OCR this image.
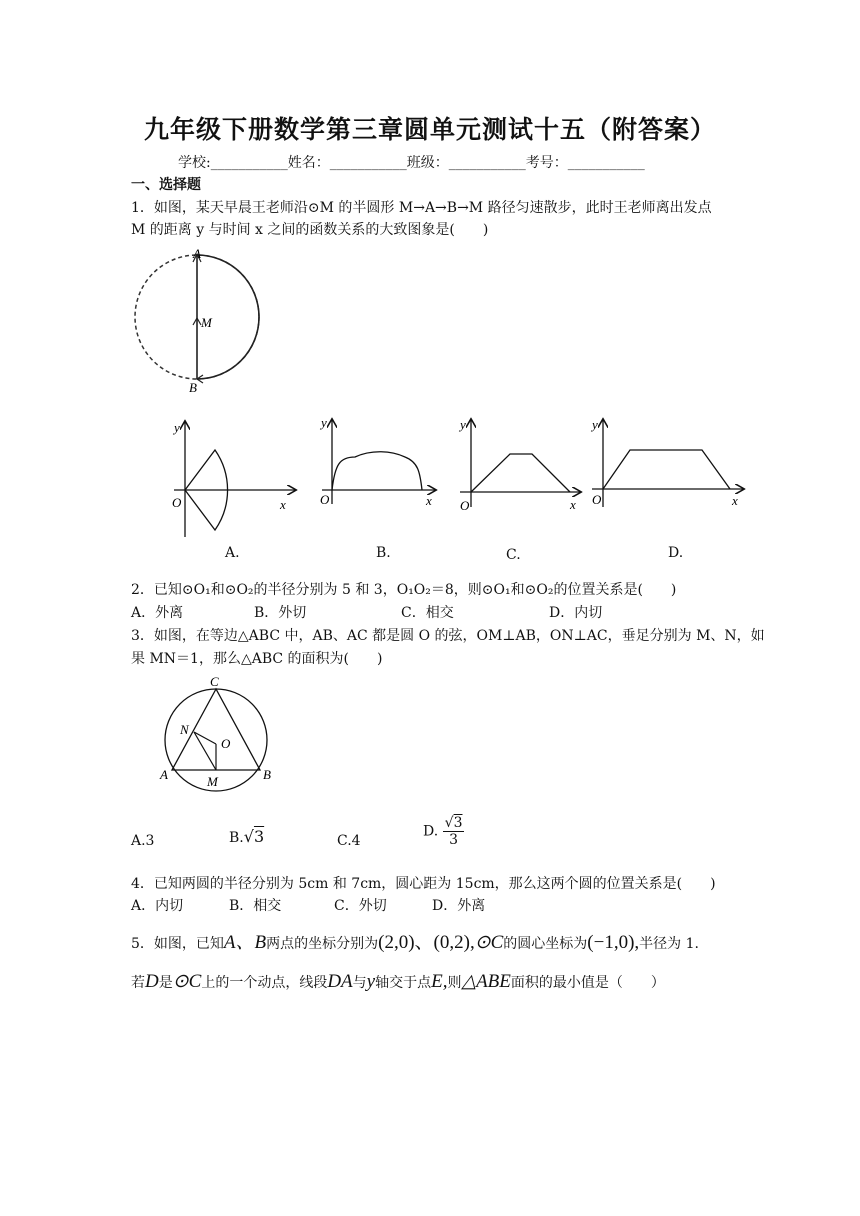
九年级下册数学第三章圆单元测试十五（附答案）
学校:___________姓名：___________班级：___________考号：___________
一、选择题
1．如图，某天早晨王老师沿⊙M 的半圆形 M→A→B→M 路径匀速散步，此时王老师离出发点
M 的距离 y 与时间 x 之间的函数关系的大致图象是(　　)
A
M
B
y
O	x
y
O	x
y
O	x
y
O	x
A.	B.	C.	D.
2．已知⊙O₁和⊙O₂的半径分别为 5 和 3，O₁O₂＝8，则⊙O₁和⊙O₂的位置关系是(　　)
A．外离	B．外切	C．相交	D．内切
3．如图，在等边△ABC 中，AB、AC 都是圆 O 的弦，OM⊥AB，ON⊥AC，垂足分别为 M、N，如
果 MN＝1，那么△ABC 的面积为(　　)
C
N
O
A	M	B
A.3	B.√3	C.4
D. $\frac{√3}{3}$
4．已知两圆的半径分别为 5cm 和 7cm，圆心距为 15cm，那么这两个圆的位置关系是(　　)
A．内切	B．相交	C．外切	D．外离
5．如图，已知A、B两点的坐标分别为(2,0)、(0,2),⊙C的圆心坐标为(−1,0),半径为 1.
若D是⊙C上的一个动点，线段DA与y轴交于点E,则△ABE面积的最小值是（　　）
